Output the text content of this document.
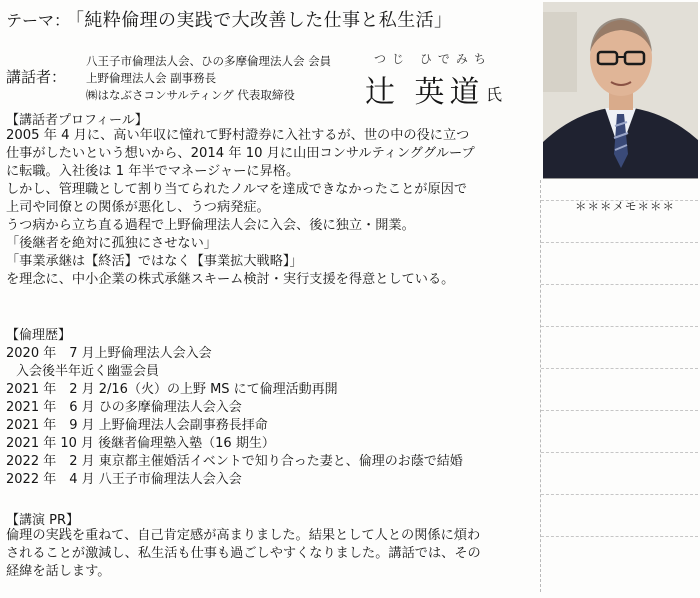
テーマ：
「純粋倫理の実践で大改善した仕事と私生活」
講話者：
八王子市倫理法人会、ひの多摩倫理法人会 会員
上野倫理法人会 副事務長
㈱はなぶさコンサルティング 代表取締役
つじ ひでみち
辻 英道 氏
＊＊＊メモ＊＊＊
【講話者プロフィール】
2005 年 4 月に、高い年収に憧れて野村證券に入社するが、世の中の役に立つ
仕事がしたいという想いから、2014 年 10 月に山田コンサルティンググループ
に転職。入社後は 1 年半でマネージャーに昇格。
しかし、管理職として割り当てられたノルマを達成できなかったことが原因で
上司や同僚との関係が悪化し、うつ病発症。
うつ病から立ち直る過程で上野倫理法人会に入会、後に独立・開業。
「後継者を絶対に孤独にさせない」
「事業承継は【終活】ではなく【事業拡大戦略】」
を理念に、中小企業の株式承継スキーム検討・実行支援を得意としている。
【倫理歴】
2020 年　7 月上野倫理法人会入会
入会後半年近く幽霊会員
2021 年　2 月 2/16（火）の上野 MS にて倫理活動再開
2021 年　6 月 ひの多摩倫理法人会入会
2021 年　9 月 上野倫理法人会副事務長拝命
2021 年 10 月 後継者倫理塾入塾（16 期生）
2022 年　2 月 東京都主催婚活イベントで知り合った妻と、倫理のお蔭で結婚
2022 年　4 月 八王子市倫理法人会入会
【講演 PR】
倫理の実践を重ねて、自己肯定感が高まりました。結果として人との関係に煩わ
されることが激減し、私生活も仕事も過ごしやすくなりました。講話では、その
経緯を話します。
